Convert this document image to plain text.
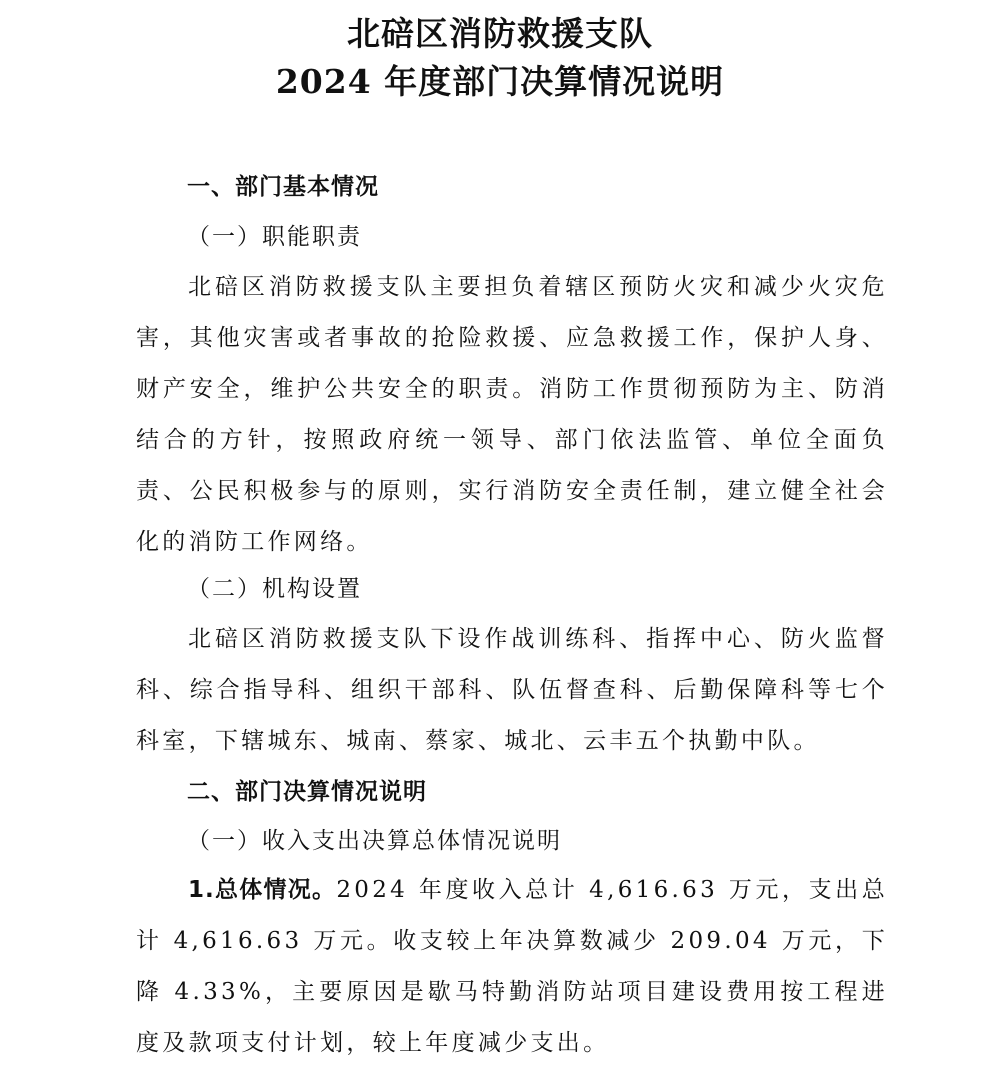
北碚区消防救援支队
2024 年度部门决算情况说明
一、部门基本情况
（一）职能职责

北碚区消防救援支队主要担负着辖区预防火灾和减少火灾危害，其他灾害或者事故的抢险救援、应急救援工作，保护人身、财产安全，维护公共安全的职责。消防工作贯彻预防为主、防消结合的方针，按照政府统一领导、部门依法监管、单位全面负责、公民积极参与的原则，实行消防安全责任制，建立健全社会化的消防工作网络。

（二）机构设置

北碚区消防救援支队下设作战训练科、指挥中心、防火监督科、综合指导科、组织干部科、队伍督查科、后勤保障科等七个科室，下辖城东、城南、蔡家、城北、云丰五个执勤中队。

二、部门决算情况说明
（一）收入支出决算总体情况说明

1.总体情况。2024 年度收入总计 4,616.63 万元，支出总计 4,616.63 万元。收支较上年决算数减少 209.04 万元，下降 4.33%，主要原因是歇马特勤消防站项目建设费用按工程进度及款项支付计划，较上年度减少支出。
